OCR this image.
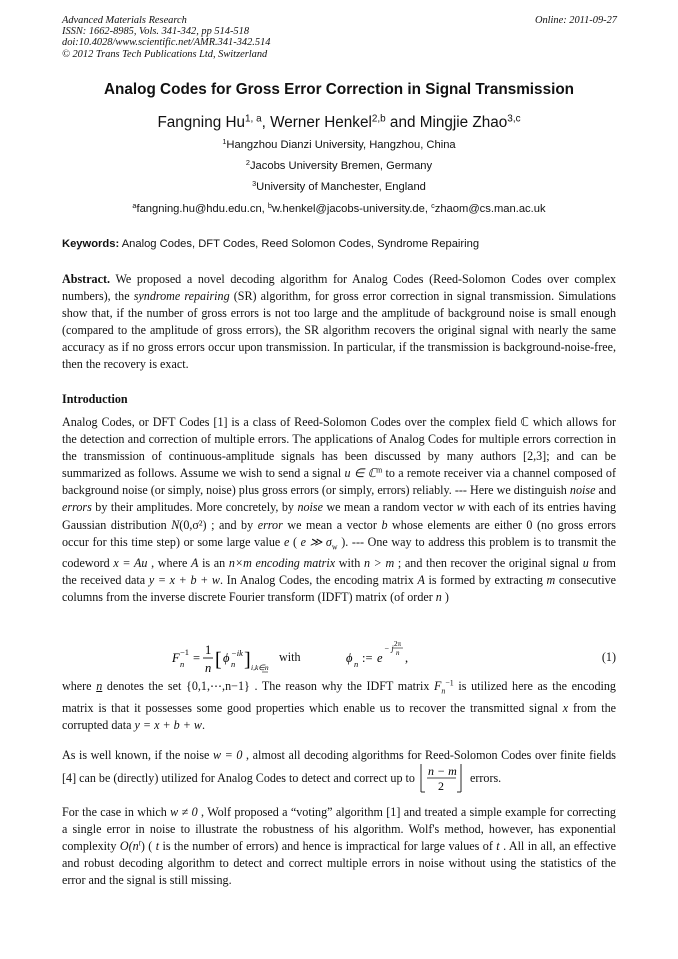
Advanced Materials Research
ISSN: 1662-8985, Vols. 341-342, pp 514-518
doi:10.4028/www.scientific.net/AMR.341-342.514
© 2012 Trans Tech Publications Ltd, Switzerland
Online: 2011-09-27
Analog Codes for Gross Error Correction in Signal Transmission
Fangning Hu$^{1, a}$, Werner Henkel$^{2,b}$ and Mingjie Zhao$^{3,c}$
$^1$Hangzhou Dianzi University, Hangzhou, China
$^2$Jacobs University Bremen, Germany
$^3$University of Manchester, England
$^a$fangning.hu@hdu.edu.cn, $^b$w.henkel@jacobs-university.de, $^c$zhaom@cs.man.ac.uk
Keywords: Analog Codes, DFT Codes, Reed Solomon Codes, Syndrome Repairing
Abstract. We proposed a novel decoding algorithm for Analog Codes (Reed-Solomon Codes over complex numbers), the syndrome repairing (SR) algorithm, for gross error correction in signal transmission. Simulations show that, if the number of gross errors is not too large and the amplitude of background noise is small enough (compared to the amplitude of gross errors), the SR algorithm recovers the original signal with nearly the same accuracy as if no gross errors occur upon transmission. In particular, if the transmission is background-noise-free, then the recovery is exact.
Introduction
Analog Codes, or DFT Codes [1] is a class of Reed-Solomon Codes over the complex field ℂ which allows for the detection and correction of multiple errors. The applications of Analog Codes for multiple errors correction in the transmission of continuous-amplitude signals has been discussed by many authors [2,3]; and can be summarized as follows. Assume we wish to send a signal u ∈ ℂ$^m$ to a remote receiver via a channel composed of background noise (or simply, noise) plus gross errors (or simply, errors) reliably. --- Here we distinguish noise and errors by their amplitudes. More concretely, by noise we mean a random vector w with each of its entries having Gaussian distribution N(0,σ²) ; and by error we mean a vector b whose elements are either 0 (no gross errors occur for this time step) or some large value e ( e ≫ $\sigma_w$ ). --- One way to address this problem is to transmit the codeword x = Au , where A is an n×m encoding matrix with n > m ; and then recover the original signal u from the received data y = x + b + w. In Analog Codes, the encoding matrix A is formed by extracting m consecutive columns from the inverse discrete Fourier transform (IDFT) matrix (of order n )
F n
−1 =
1
n [ ϕ n
−ik ] i,k∈n
ϕ n := e
− j 2π
n ,
with	(1)
where n denotes the set {0,1,⋯,n−1} . The reason why the IDFT matrix $F_n^{-1}$ is utilized here as the encoding matrix is that it possesses some good properties which enable us to recover the transmitted signal x from the corrupted data y = x + b + w.
As is well known, if the noise w = 0 , almost all decoding algorithms for Reed-Solomon Codes over finite fields [4] can be (directly) utilized for Analog Codes to detect and correct up to n − m
2
errors.
For the case in which w ≠ 0 , Wolf proposed a “voting” algorithm [1] and treated a simple example for correcting a single error in noise to illustrate the robustness of his algorithm. Wolf's method, however, has exponential complexity $O(n^t)$ ( t is the number of errors) and hence is impractical for large values of t . All in all, an effective and robust decoding algorithm to detect and correct multiple errors in noise without using the statistics of the error and the signal is still missing.
